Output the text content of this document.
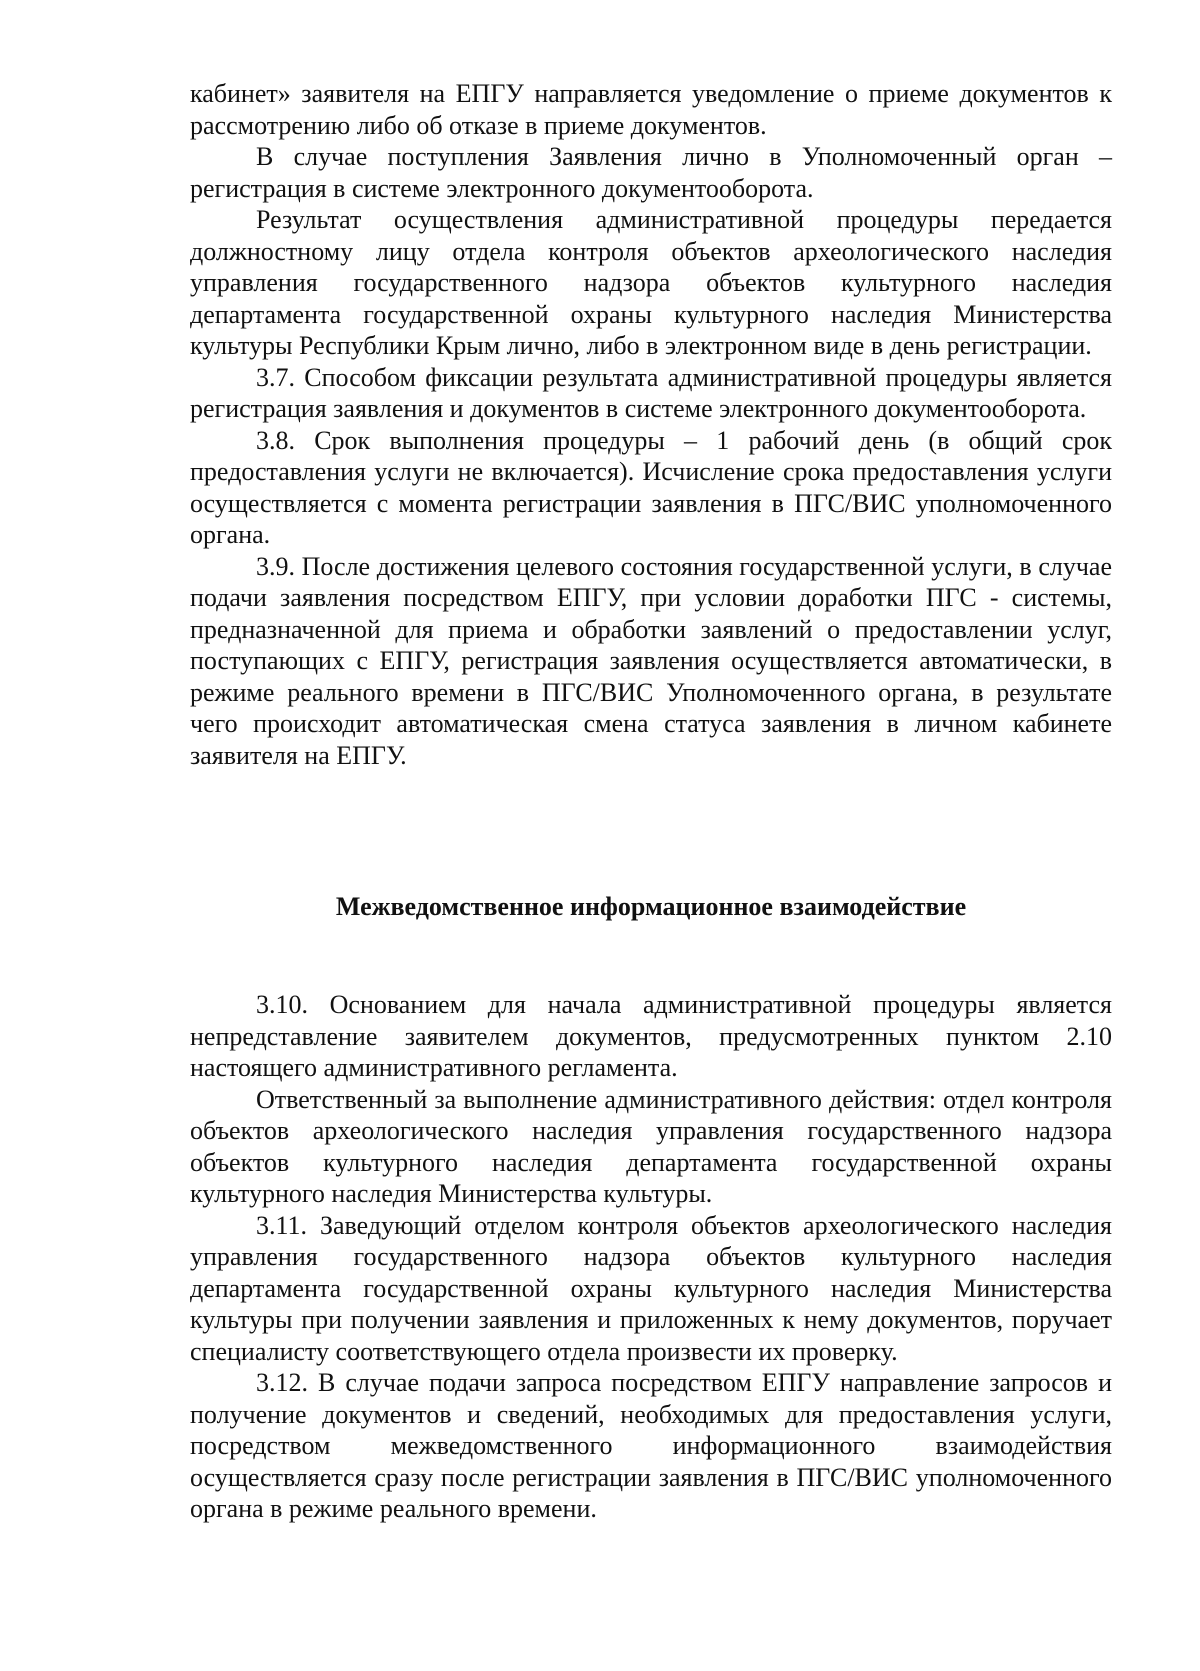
кабинет» заявителя на ЕПГУ направляется уведомление о приеме документов к рассмотрению либо об отказе в приеме документов.

В случае поступления Заявления лично в Уполномоченный орган – регистрация в системе электронного документооборота.

Результат осуществления административной процедуры передается должностному лицу отдела контроля объектов археологического наследия управления государственного надзора объектов культурного наследия департамента государственной охраны культурного наследия Министерства культуры Республики Крым лично, либо в электронном виде в день регистрации.

3.7. Способом фиксации результата административной процедуры является регистрация заявления и документов в системе электронного документооборота.

3.8. Срок выполнения процедуры – 1 рабочий день (в общий срок предоставления услуги не включается). Исчисление срока предоставления услуги осуществляется с момента регистрации заявления в ПГС/ВИС уполномоченного органа.

3.9. После достижения целевого состояния государственной услуги, в случае подачи заявления посредством ЕПГУ, при условии доработки ПГС - системы, предназначенной для приема и обработки заявлений о предоставлении услуг, поступающих с ЕПГУ, регистрация заявления осуществляется автоматически, в режиме реального времени в ПГС/ВИС Уполномоченного органа, в результате чего происходит автоматическая смена статуса заявления в личном кабинете заявителя на ЕПГУ.

Межведомственное информационное взаимодействие

3.10. Основанием для начала административной процедуры является непредставление заявителем документов, предусмотренных пунктом 2.10 настоящего административного регламента.

Ответственный за выполнение административного действия: отдел контроля объектов археологического наследия управления государственного надзора объектов культурного наследия департамента государственной охраны культурного наследия Министерства культуры.

3.11. Заведующий отделом контроля объектов археологического наследия управления государственного надзора объектов культурного наследия департамента государственной охраны культурного наследия Министерства культуры при получении заявления и приложенных к нему документов, поручает специалисту соответствующего отдела произвести их проверку.

3.12. В случае подачи запроса посредством ЕПГУ направление запросов и получение документов и сведений, необходимых для предоставления услуги, посредством межведомственного информационного взаимодействия осуществляется сразу после регистрации заявления в ПГС/ВИС уполномоченного органа в режиме реального времени.
